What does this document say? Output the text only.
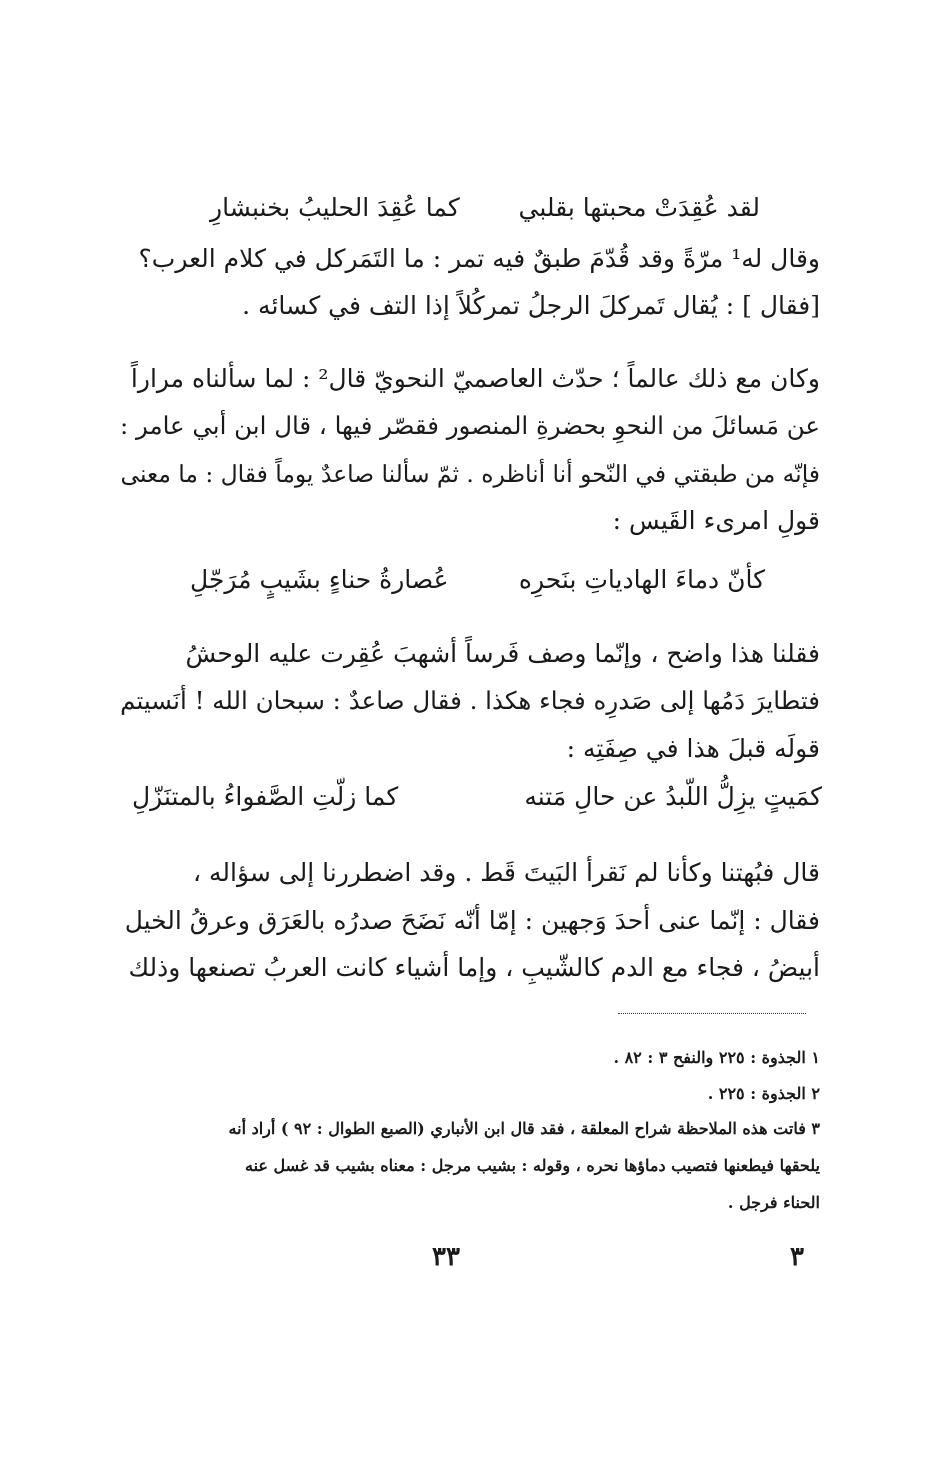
لقد عُقِدَتْ محبتها بقلبي
كما عُقِدَ الحليبُ بخنبشارِ
وقال له¹ مرّةً وقد قُدّمَ طبقٌ فيه تمر : ما التَمَركل في كلام العرب؟
[فقال ] : يُقال تَمركلَ الرجلُ تمركُلاً إذا التف في كسائه .
وكان مع ذلك عالماً ؛ حدّث العاصميّ النحويّ قال² : لما سألناه مراراً
عن مَسائلَ من النحوِ بحضرةِ المنصور فقصّر فيها ، قال ابن أبي عامر :
فإنّه من طبقتي في النّحو أنا أناظره . ثمّ سألنا صاعدٌ يوماً فقال : ما معنى
قولِ امرىء القَيس :
كأنّ دماءَ الهادياتِ بنَحرِه
عُصارةُ حناءٍ بشَيبٍ مُرَجّلِ
فقلنا هذا واضح ، وإنّما وصف فَرساً أشهبَ عُقِرت عليه الوحشُ
فتطايرَ دَمُها إلى صَدرِه فجاء هكذا . فقال صاعدٌ : سبحان الله ! أنَسيتم
قولَه قبلَ هذا في صِفَتِه :
كمَيتٍ يزِلُّ اللّبدُ عن حالِ مَتنه
كما زلّتِ الصَّفواءُ بالمتنَزّلِ
قال فبُهتنا وكأنا لم نَقرأ البَيتَ قَط . وقد اضطررنا إلى سؤاله ،
فقال : إنّما عنى أحدَ وَجهين : إمّا أنّه نَضَحَ صدرُه بالعَرَق وعرقُ الخيل
أبيضُ ، فجاء مع الدم كالشّيبِ ، وإما أشياء كانت العربُ تصنعها وذلك
١ الجذوة : ٢٢٥ والنفح ٣ : ٨٢ .
٢ الجذوة : ٢٢٥ .
٣ فاتت هذه الملاحظة شراح المعلقة ، فقد قال ابن الأنباري (الصبع الطوال : ٩٢ ) أراد أنه
يلحقها فيطعنها فتصيب دماؤها نحره ، وقوله : بشيب مرجل : معناه بشيب قد غسل عنه
الحناء فرجل .
٣٣	٣
